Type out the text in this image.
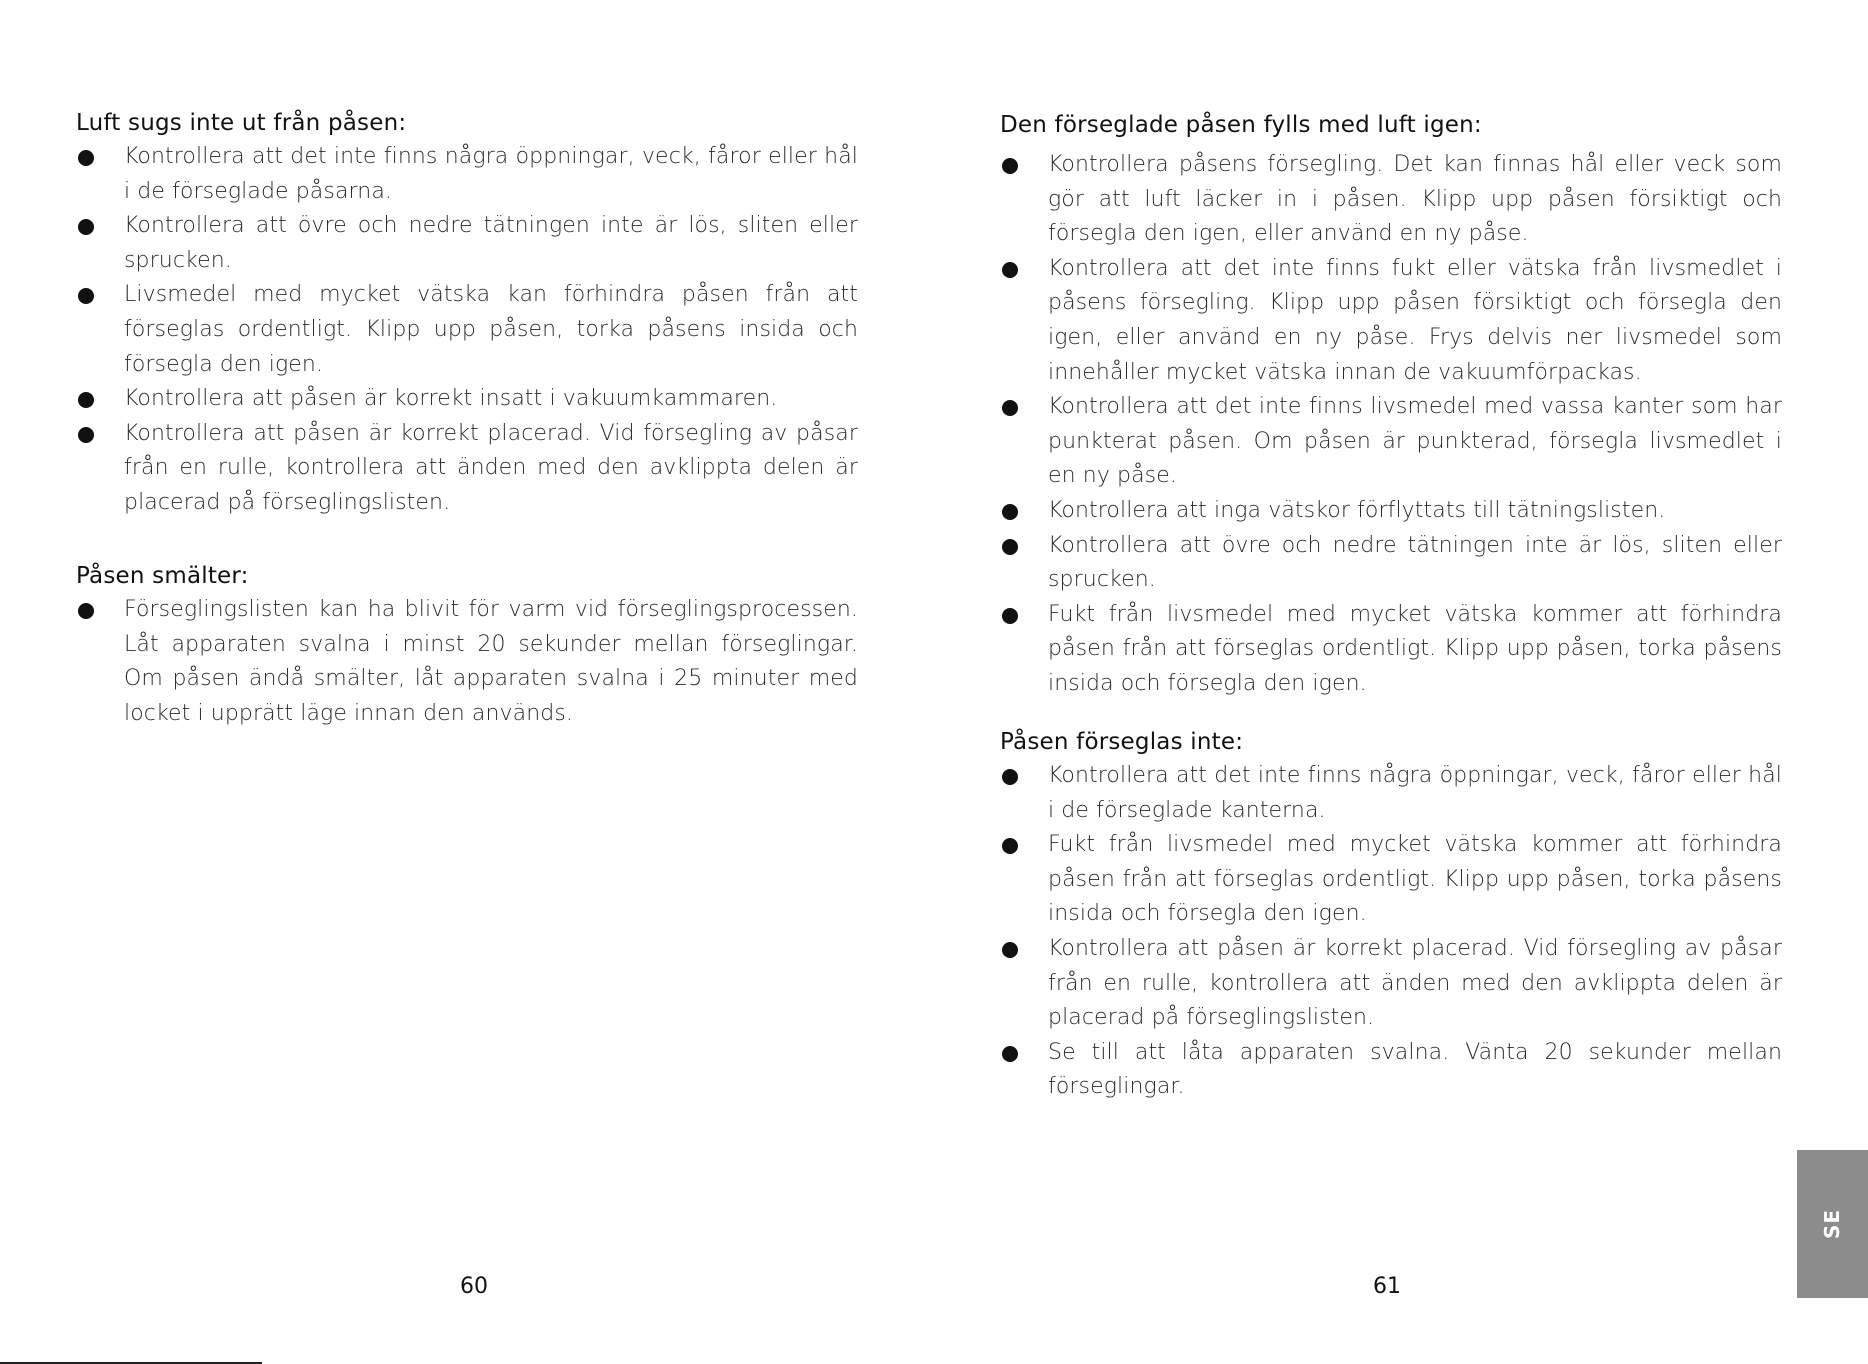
Luft sugs inte ut från påsen:
Kontrollera att det inte finns några öppningar, veck, fåror eller hål i de förseglade påsarna.
Kontrollera att övre och nedre tätningen inte är lös, sliten eller sprucken.
Livsmedel med mycket vätska kan förhindra påsen från att förseglas ordentligt. Klipp upp påsen, torka påsens insida och försegla den igen.
Kontrollera att påsen är korrekt insatt i vakuumkammaren.
Kontrollera att påsen är korrekt placerad. Vid försegling av påsar från en rulle, kontrollera att änden med den avklippta delen är placerad på förseglingslisten.
Påsen smälter:
Förseglingslisten kan ha blivit för varm vid förseglingsprocessen. Låt apparaten svalna i minst 20 sekunder mellan förseglingar. Om påsen ändå smälter, låt apparaten svalna i 25 minuter med locket i upprätt läge innan den används.
60
Den förseglade påsen fylls med luft igen:
Kontrollera påsens försegling. Det kan finnas hål eller veck som gör att luft läcker in i påsen. Klipp upp påsen försiktigt och försegla den igen, eller använd en ny påse.
Kontrollera att det inte finns fukt eller vätska från livsmedlet i påsens försegling. Klipp upp påsen försiktigt och försegla den igen, eller använd en ny påse. Frys delvis ner livsmedel som innehåller mycket vätska innan de vakuumförpackas.
Kontrollera att det inte finns livsmedel med vassa kanter som har punkterat påsen. Om påsen är punkterad, försegla livsmedlet i en ny påse.
Kontrollera att inga vätskor förflyttats till tätningslisten.
Kontrollera att övre och nedre tätningen inte är lös, sliten eller sprucken.
Fukt från livsmedel med mycket vätska kommer att förhindra påsen från att förseglas ordentligt. Klipp upp påsen, torka påsens insida och försegla den igen.
Påsen förseglas inte:
Kontrollera att det inte finns några öppningar, veck, fåror eller hål i de förseglade kanterna.
Fukt från livsmedel med mycket vätska kommer att förhindra påsen från att förseglas ordentligt. Klipp upp påsen, torka påsens insida och försegla den igen.
Kontrollera att påsen är korrekt placerad. Vid försegling av påsar från en rulle, kontrollera att änden med den avklippta delen är placerad på förseglingslisten.
Se till att låta apparaten svalna. Vänta 20 sekunder mellan förseglingar.
61
SE
